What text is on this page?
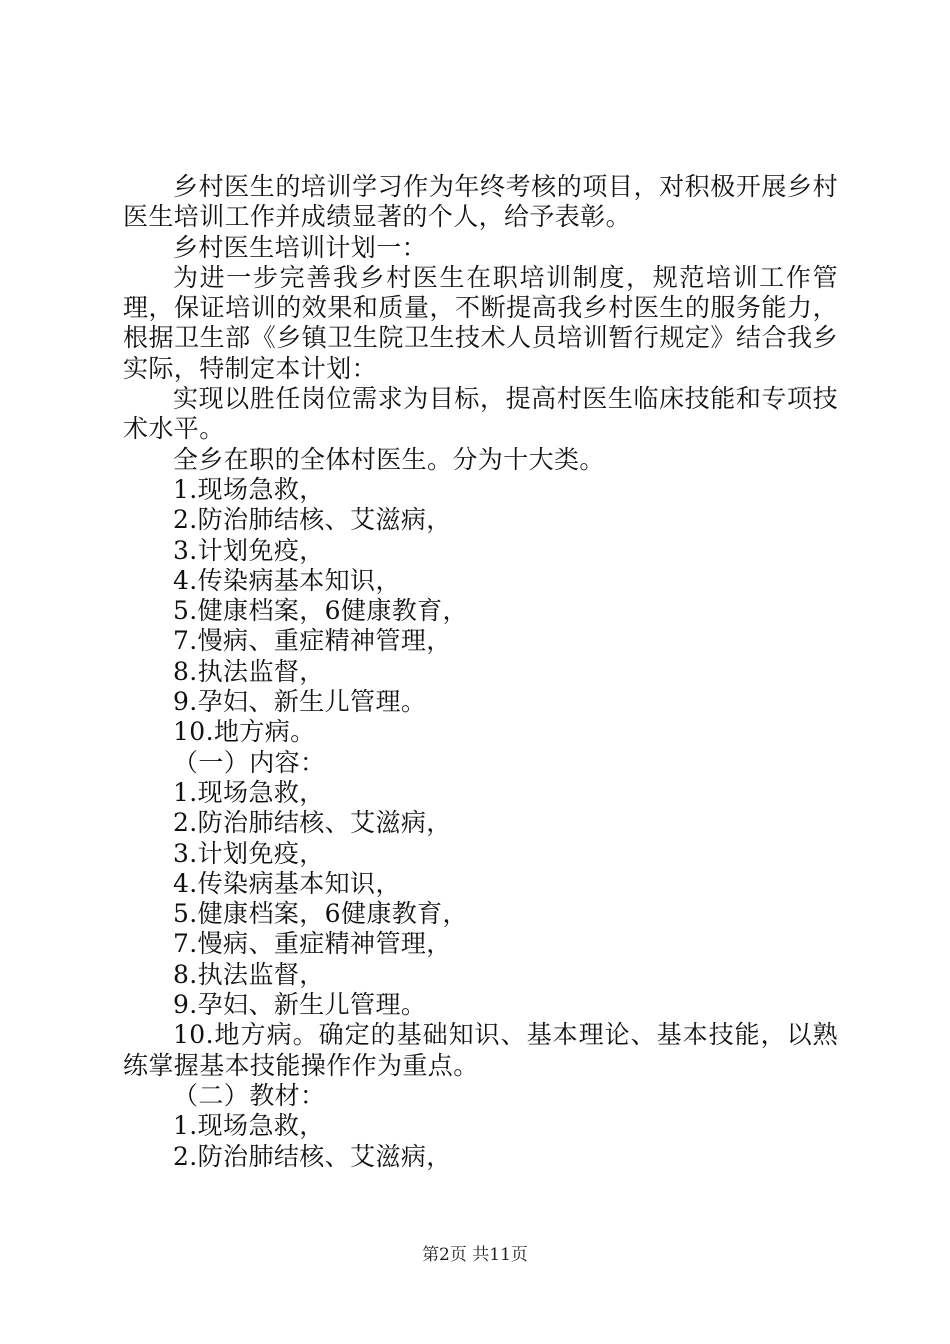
乡村医生的培训学习作为年终考核的项目，对积极开展乡村医生培训工作并成绩显著的个人，给予表彰。

乡村医生培训计划一：

为进一步完善我乡村医生在职培训制度，规范培训工作管理，保证培训的效果和质量，不断提高我乡村医生的服务能力，根据卫生部《乡镇卫生院卫生技术人员培训暂行规定》结合我乡实际，特制定本计划：

实现以胜任岗位需求为目标，提高村医生临床技能和专项技术水平。

全乡在职的全体村医生。分为十大类。

1.现场急救，

2.防治肺结核、艾滋病，

3.计划免疫，

4.传染病基本知识，

5.健康档案，6健康教育，

7.慢病、重症精神管理，

8.执法监督，

9.孕妇、新生儿管理。

10.地方病。

（一）内容：

1.现场急救，

2.防治肺结核、艾滋病，

3.计划免疫，

4.传染病基本知识，

5.健康档案，6健康教育，

7.慢病、重症精神管理，

8.执法监督，

9.孕妇、新生儿管理。

10.地方病。确定的基础知识、基本理论、基本技能，以熟练掌握基本技能操作作为重点。

（二）教材：

1.现场急救，

2.防治肺结核、艾滋病，

第2页 共11页
